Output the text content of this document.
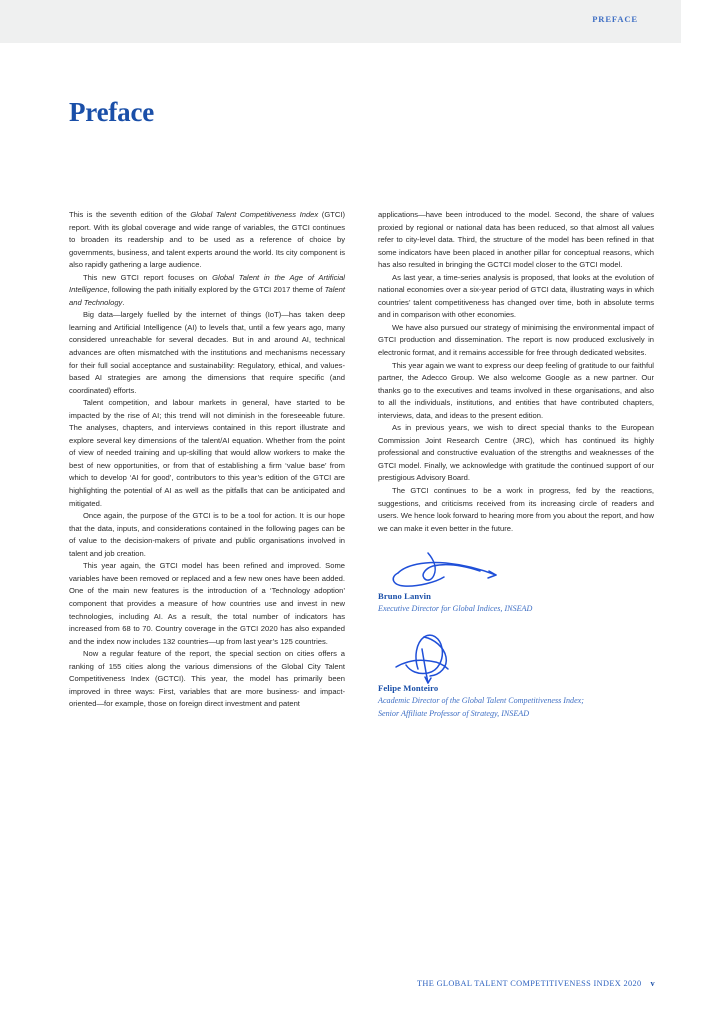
PREFACE
Preface

This is the seventh edition of the Global Talent Competitiveness Index (GTCI) report. With its global coverage and wide range of variables, the GTCI continues to broaden its readership and to be used as a reference of choice by governments, business, and talent experts around the world. Its city component is also rapidly gathering a large audience.

This new GTCI report focuses on Global Talent in the Age of Artificial Intelligence, following the path initially explored by the GTCI 2017 theme of Talent and Technology.

Big data—largely fuelled by the internet of things (IoT)—has taken deep learning and Artificial Intelligence (AI) to levels that, until a few years ago, many considered unreachable for several decades. But in and around AI, technical advances are often mismatched with the institutions and mechanisms necessary for their full social acceptance and sustainability: Regulatory, ethical, and values-based AI strategies are among the dimensions that require specific (and coordinated) efforts.

Talent competition, and labour markets in general, have started to be impacted by the rise of AI; this trend will not diminish in the foreseeable future. The analyses, chapters, and interviews contained in this report illustrate and explore several key dimensions of the talent/AI equation. Whether from the point of view of needed training and up-skilling that would allow workers to make the best of new opportunities, or from that of establishing a firm ‘value base’ from which to develop ‘AI for good’, contributors to this year’s edition of the GTCI are highlighting the potential of AI as well as the pitfalls that can be anticipated and mitigated.

Once again, the purpose of the GTCI is to be a tool for action. It is our hope that the data, inputs, and considerations contained in the following pages can be of value to the decision-makers of private and public organisations involved in talent and job creation.

This year again, the GTCI model has been refined and improved. Some variables have been removed or replaced and a few new ones have been added. One of the main new features is the introduction of a ‘Technology adoption’ component that provides a measure of how countries use and invest in new technologies, including AI. As a result, the total number of indicators has increased from 68 to 70. Country coverage in the GTCI 2020 has also expanded and the index now includes 132 countries—up from last year’s 125 countries.

Now a regular feature of the report, the special section on cities offers a ranking of 155 cities along the various dimensions of the Global City Talent Competitiveness Index (GCTCI). This year, the model has primarily been improved in three ways: First, variables that are more business- and impact-oriented—for example, those on foreign direct investment and patent

applications—have been introduced to the model. Second, the share of values proxied by regional or national data has been reduced, so that almost all values refer to city-level data. Third, the structure of the model has been refined in that some indicators have been placed in another pillar for conceptual reasons, which has also resulted in bringing the GCTCI model closer to the GTCI model.

As last year, a time-series analysis is proposed, that looks at the evolution of national economies over a six-year period of GTCI data, illustrating ways in which countries’ talent competitiveness has changed over time, both in absolute terms and in comparison with other economies.

We have also pursued our strategy of minimising the environmental impact of GTCI production and dissemination. The report is now produced exclusively in electronic format, and it remains accessible for free through dedicated websites.

This year again we want to express our deep feeling of gratitude to our faithful partner, the Adecco Group. We also welcome Google as a new partner. Our thanks go to the executives and teams involved in these organisations, and also to all the individuals, institutions, and entities that have contributed chapters, interviews, data, and ideas to the present edition.

As in previous years, we wish to direct special thanks to the European Commission Joint Research Centre (JRC), which has continued its highly professional and constructive evaluation of the strengths and weaknesses of the GTCI model. Finally, we acknowledge with gratitude the continued support of our prestigious Advisory Board.

The GTCI continues to be a work in progress, fed by the reactions, suggestions, and criticisms received from its increasing circle of readers and users. We hence look forward to hearing more from you about the report, and how we can make it even better in the future.

Bruno Lanvin
Executive Director for Global Indices, INSEAD
Felipe Monteiro
Academic Director of the Global Talent Competitiveness Index;
Senior Affiliate Professor of Strategy, INSEAD
THE GLOBAL TALENT COMPETITIVENESS INDEX 2020 v
